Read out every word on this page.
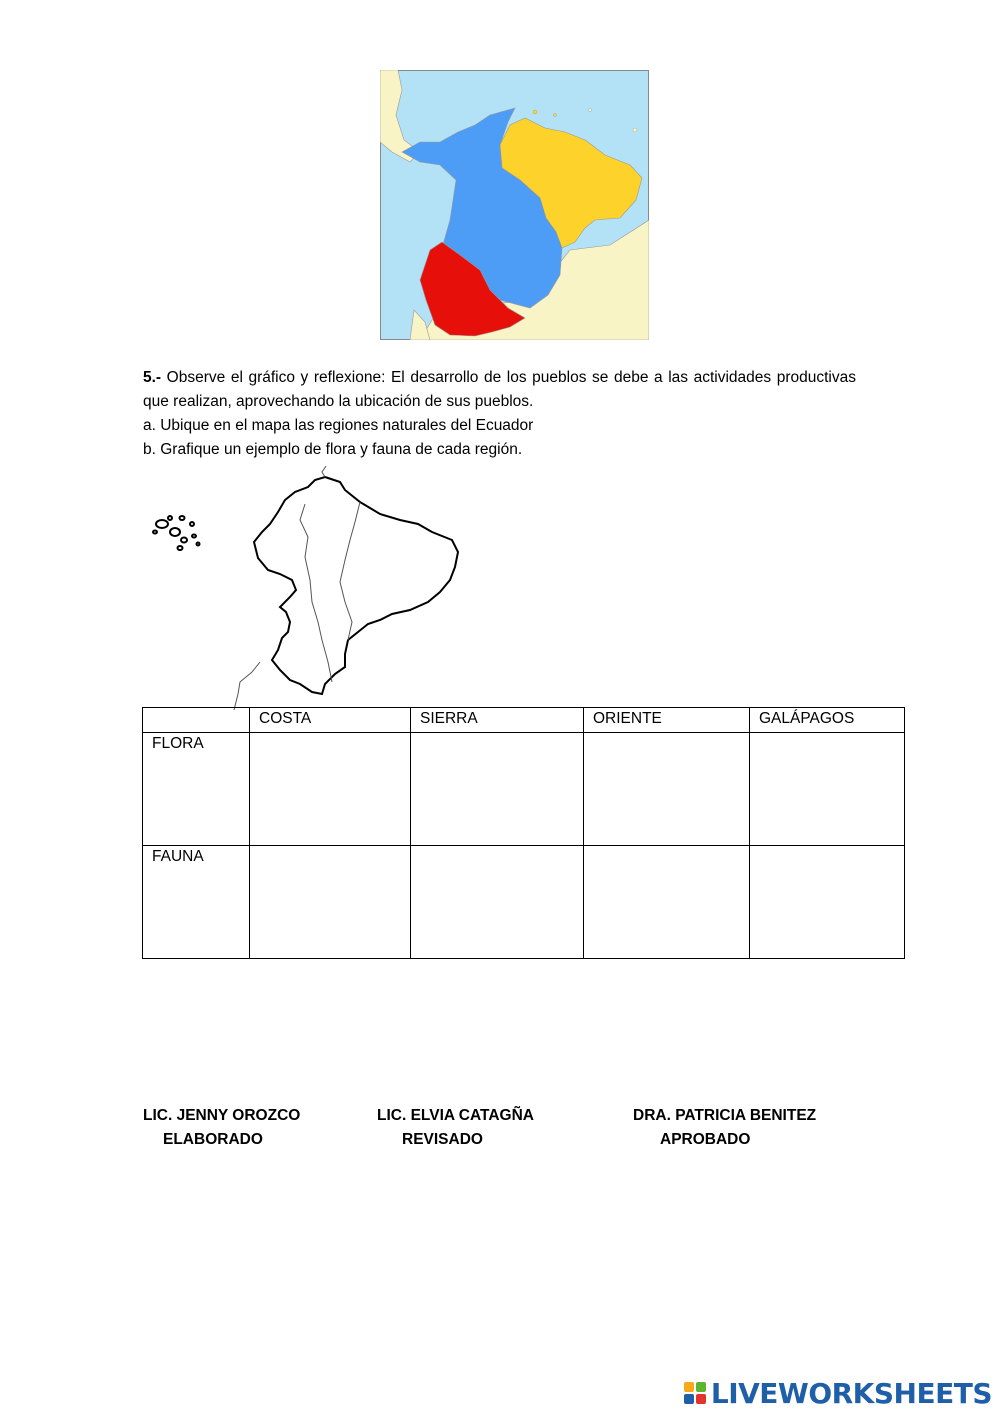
5.- Observe el gráfico y reflexione: El desarrollo de los pueblos se debe a las actividades productivas que realizan, aprovechando la ubicación de sus pueblos.
a. Ubique en el mapa las regiones naturales del Ecuador
b. Grafique un ejemplo de flora y fauna de cada región.
	COSTA	SIERRA	ORIENTE	GALÁPAGOS
FLORA				
FAUNA				
LIC. JENNY OROZCO
ELABORADO
LIC. ELVIA CATAGÑA
REVISADO
DRA. PATRICIA BENITEZ
APROBADO
LIVEWORKSHEETS
